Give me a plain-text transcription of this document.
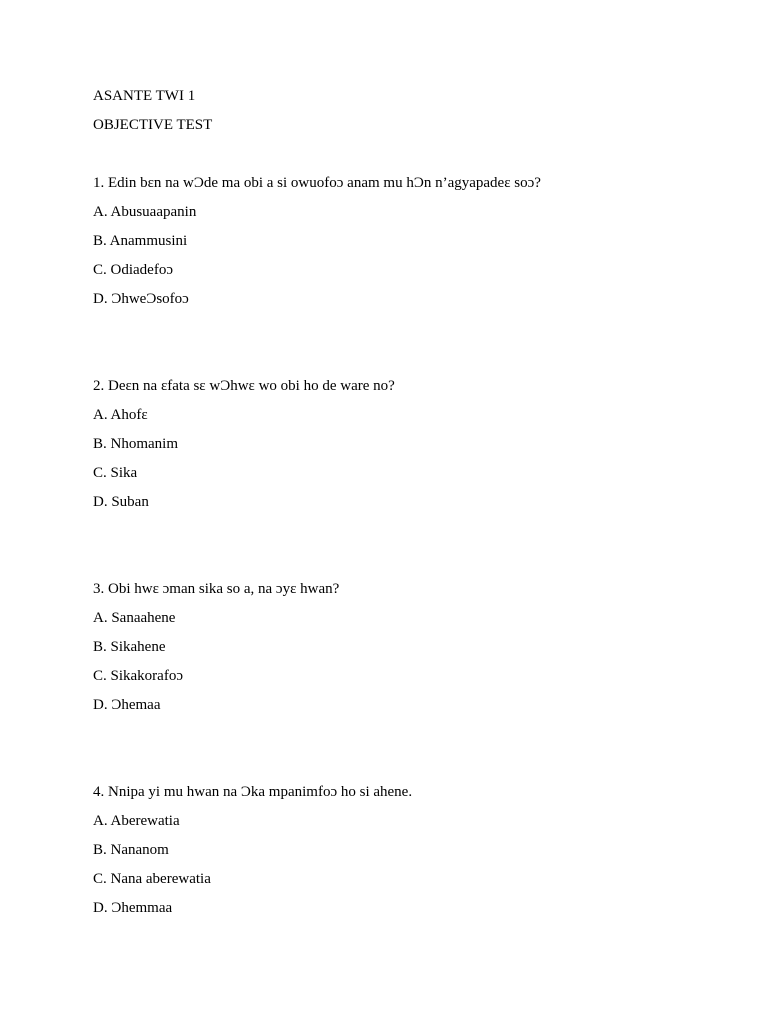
ASANTE TWI 1
OBJECTIVE TEST
1. Edin bɛn na wƆde ma obi a si owuofoɔ anam mu hƆn n’agyapadeɛ soɔ?
A. Abusuaapanin
B. Anammusini
C. Odiadefoɔ
D. ƆhweƆsofoɔ
2. Deɛn na ɛfata sɛ wƆhwɛ wo obi ho de ware no?
A. Ahofɛ
B. Nhomanim
C. Sika
D. Suban
3. Obi hwɛ ɔman sika so a, na ɔyɛ hwan?
A. Sanaahene
B. Sikahene
C. Sikakorafoɔ
D. Ɔhemaa
4. Nnipa yi mu hwan na Ɔka mpanimfoɔ ho si ahene.
A. Aberewatia
B. Nananom
C. Nana aberewatia
D. Ɔhemmaa
